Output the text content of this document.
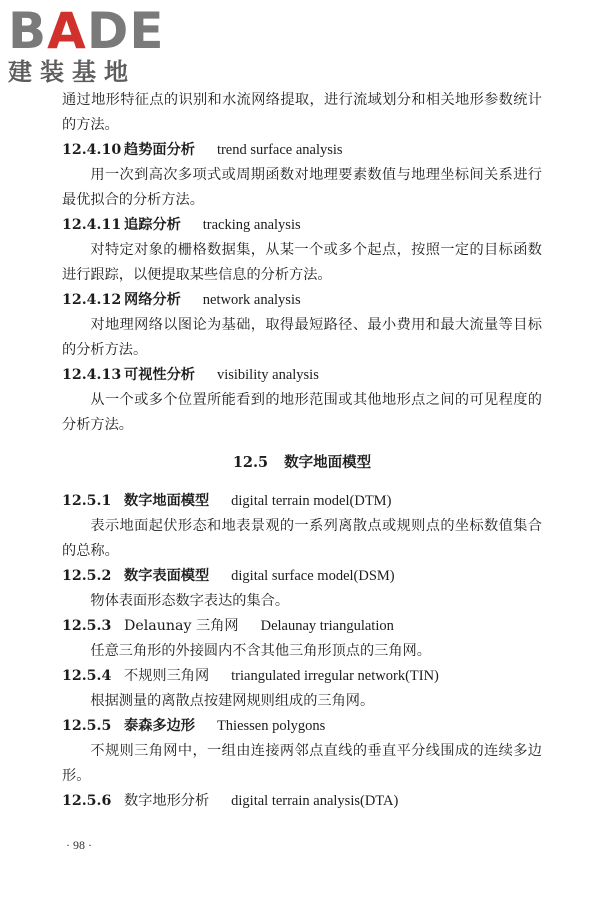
BADE
建装基地

通过地形特征点的识别和水流网络提取，进行流域划分和相关地形参数统计的方法。

12.4.10 趋势面分析 trend surface analysis

用一次到高次多项式或周期函数对地理要素数值与地理坐标间关系进行最优拟合的分析方法。

12.4.11 追踪分析 tracking analysis

对特定对象的栅格数据集，从某一个或多个起点，按照一定的目标函数进行跟踪，以便提取某些信息的分析方法。

12.4.12 网络分析 network analysis

对地理网络以图论为基础，取得最短路径、最小费用和最大流量等目标的分析方法。

12.4.13 可视性分析 visibility analysis

从一个或多个位置所能看到的地形范围或其他地形点之间的可见程度的分析方法。

12.5 数字地面模型
12.5.1 数字地面模型 digital terrain model(DTM)

表示地面起伏形态和地表景观的一系列离散点或规则点的坐标数值集合的总称。

12.5.2 数字表面模型 digital surface model(DSM)

物体表面形态数字表达的集合。

12.5.3 Delaunay 三角网 Delaunay triangulation

任意三角形的外接圆内不含其他三角形顶点的三角网。

12.5.4 不规则三角网 triangulated irregular network(TIN)

根据测量的离散点按建网规则组成的三角网。

12.5.5 泰森多边形 Thiessen polygons

不规则三角网中，一组由连接两邻点直线的垂直平分线围成的连续多边形。

12.5.6 数字地形分析 digital terrain analysis(DTA)
· 98 ·
